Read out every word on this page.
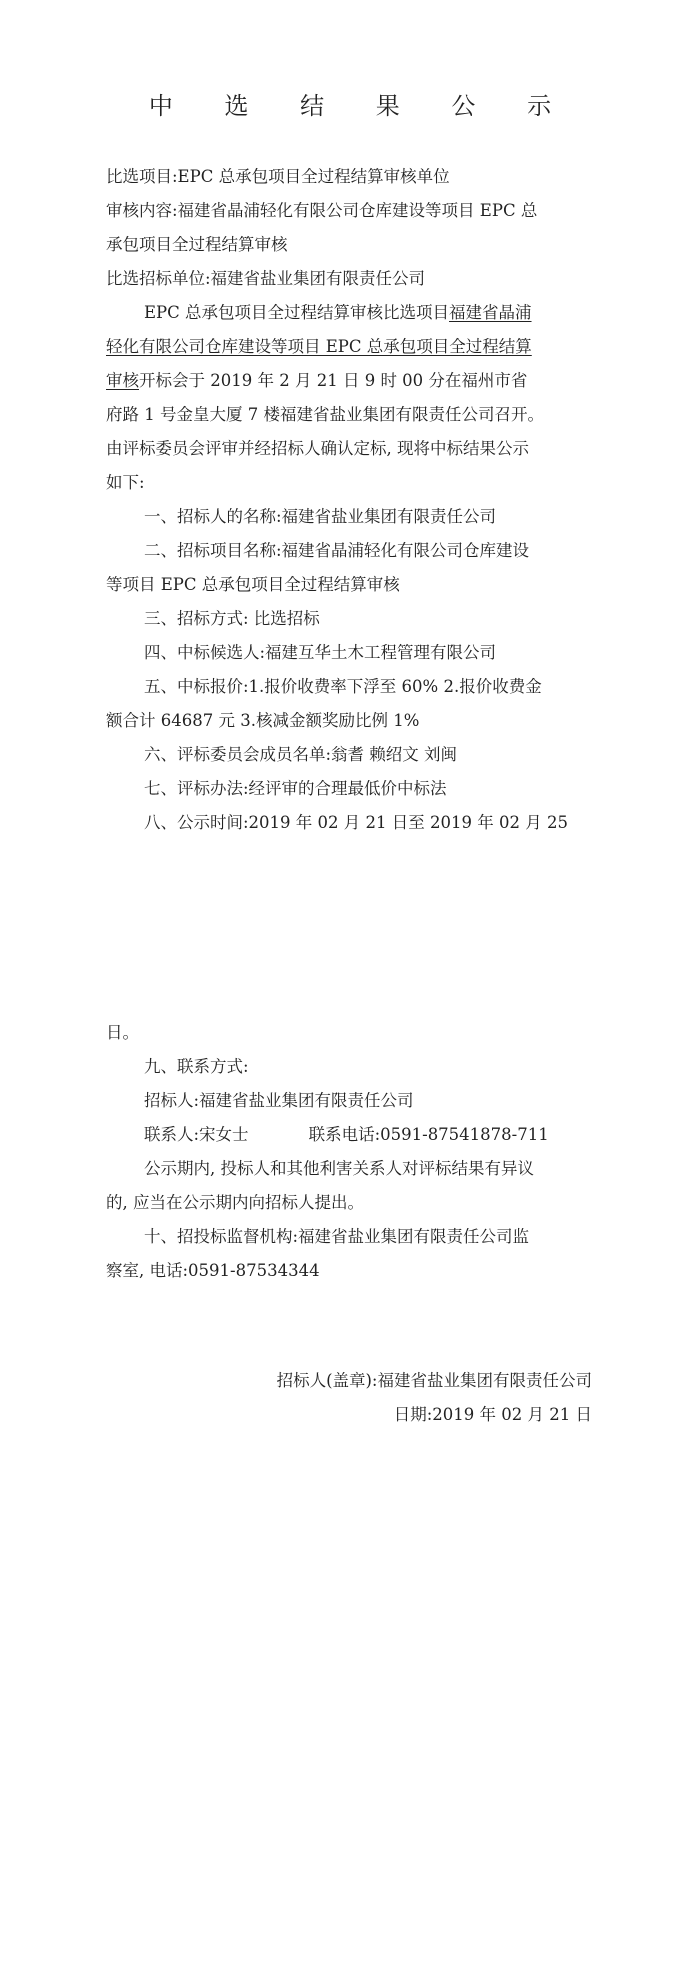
中 选 结 果 公 示
比选项目:EPC 总承包项目全过程结算审核单位
审核内容:福建省晶浦轻化有限公司仓库建设等项目 EPC 总
承包项目全过程结算审核
比选招标单位:福建省盐业集团有限责任公司
EPC 总承包项目全过程结算审核比选项目福建省晶浦
轻化有限公司仓库建设等项目 EPC 总承包项目全过程结算
审核开标会于 2019 年 2 月 21 日 9 时 00 分在福州市省
府路 1 号金皇大厦 7 楼福建省盐业集团有限责任公司召开。
由评标委员会评审并经招标人确认定标, 现将中标结果公示
如下:
一、招标人的名称:福建省盐业集团有限责任公司
二、招标项目名称:福建省晶浦轻化有限公司仓库建设
等项目 EPC 总承包项目全过程结算审核
三、招标方式: 比选招标
四、中标候选人:福建互华土木工程管理有限公司
五、中标报价:1.报价收费率下浮至 60% 2.报价收费金
额合计 64687 元 3.核减金额奖励比例 1%
六、评标委员会成员名单:翁耆 赖绍文 刘闽
七、评标办法:经评审的合理最低价中标法
八、公示时间:2019 年 02 月 21 日至 2019 年 02 月 25
日。
九、联系方式:
招标人:福建省盐业集团有限责任公司
联系人:宋女士	联系电话:0591-87541878-711
公示期内, 投标人和其他利害关系人对评标结果有异议
的, 应当在公示期内向招标人提出。
十、招投标监督机构:福建省盐业集团有限责任公司监
察室, 电话:0591-87534344
招标人(盖章):福建省盐业集团有限责任公司
日期:2019 年 02 月 21 日
